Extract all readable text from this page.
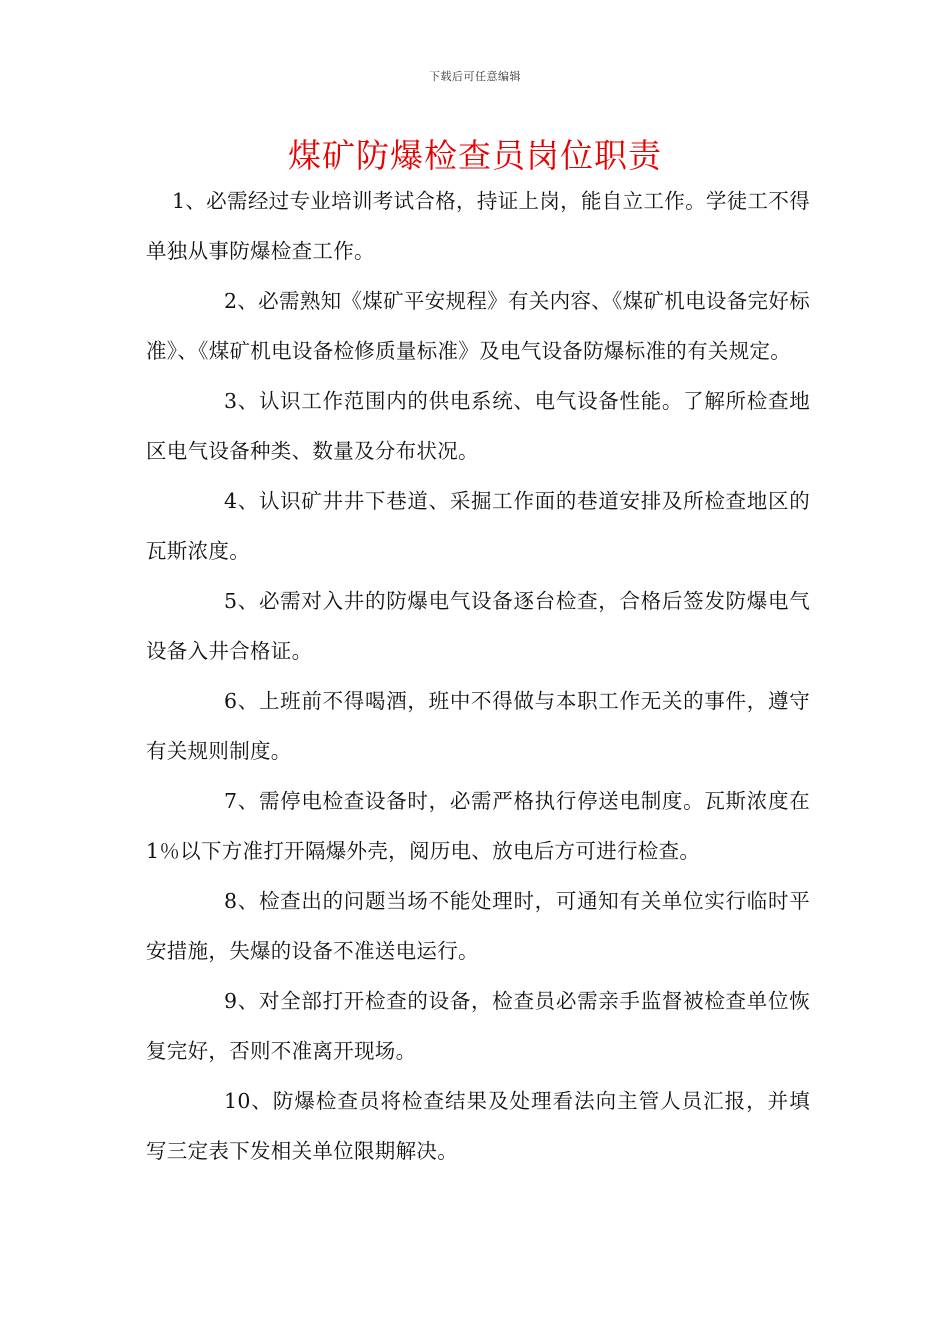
下载后可任意编辑
煤矿防爆检查员岗位职责

1、必需经过专业培训考试合格，持证上岗，能自立工作。学徒工不得单独从事防爆检查工作。

2、必需熟知《煤矿平安规程》有关内容、《煤矿机电设备完好标准》、《煤矿机电设备检修质量标准》及电气设备防爆标准的有关规定。

3、认识工作范围内的供电系统、电气设备性能。了解所检查地区电气设备种类、数量及分布状况。

4、认识矿井井下巷道、采掘工作面的巷道安排及所检查地区的瓦斯浓度。

5、必需对入井的防爆电气设备逐台检查，合格后签发防爆电气设备入井合格证。

6、上班前不得喝酒，班中不得做与本职工作无关的事件，遵守有关规则制度。

7、需停电检查设备时，必需严格执行停送电制度。瓦斯浓度在 1％以下方准打开隔爆外壳，阅历电、放电后方可进行检查。

8、检查出的问题当场不能处理时，可通知有关单位实行临时平安措施，失爆的设备不准送电运行。

9、对全部打开检查的设备，检查员必需亲手监督被检查单位恢复完好，否则不准离开现场。

10、防爆检查员将检查结果及处理看法向主管人员汇报，并填写三定表下发相关单位限期解决。
